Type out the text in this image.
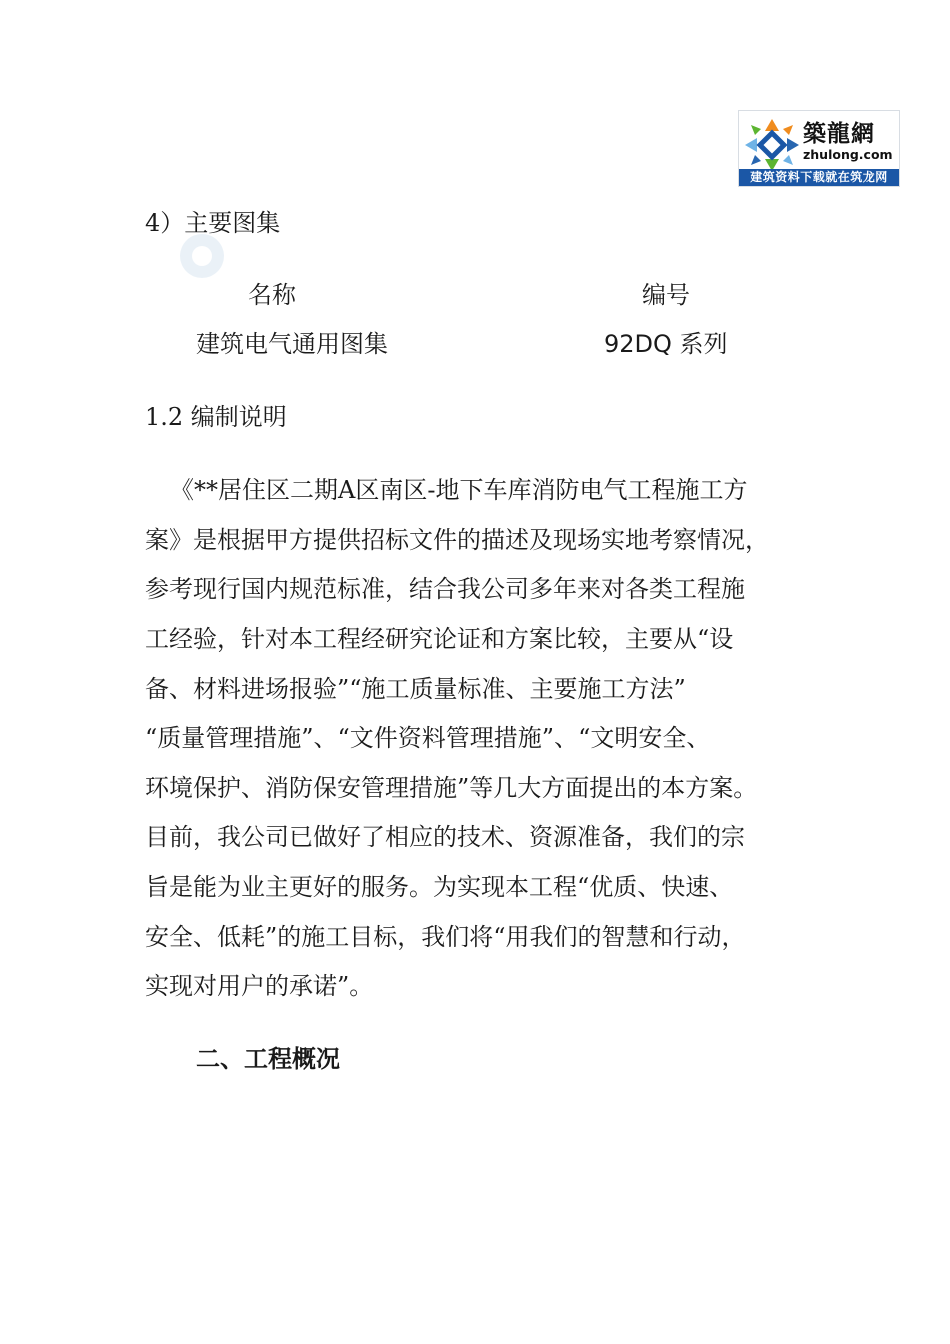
築龍網
zhulong.com
建筑资料下载就在筑龙网
4）主要图集
名称	编号
建筑电气通用图集	92DQ 系列
1.2 编制说明
《**居住区二期A区南区-地下车库消防电气工程施工方
案》是根据甲方提供招标文件的描述及现场实地考察情况，
参考现行国内规范标准，结合我公司多年来对各类工程施
工经验，针对本工程经研究论证和方案比较，主要从“设
备、材料进场报验”“施工质量标准、主要施工方法”
“质量管理措施”、“文件资料管理措施”、“文明安全、
环境保护、消防保安管理措施”等几大方面提出的本方案。
目前，我公司已做好了相应的技术、资源准备，我们的宗
旨是能为业主更好的服务。为实现本工程“优质、快速、
安全、低耗”的施工目标，我们将“用我们的智慧和行动，
实现对用户的承诺”。
二、工程概况
